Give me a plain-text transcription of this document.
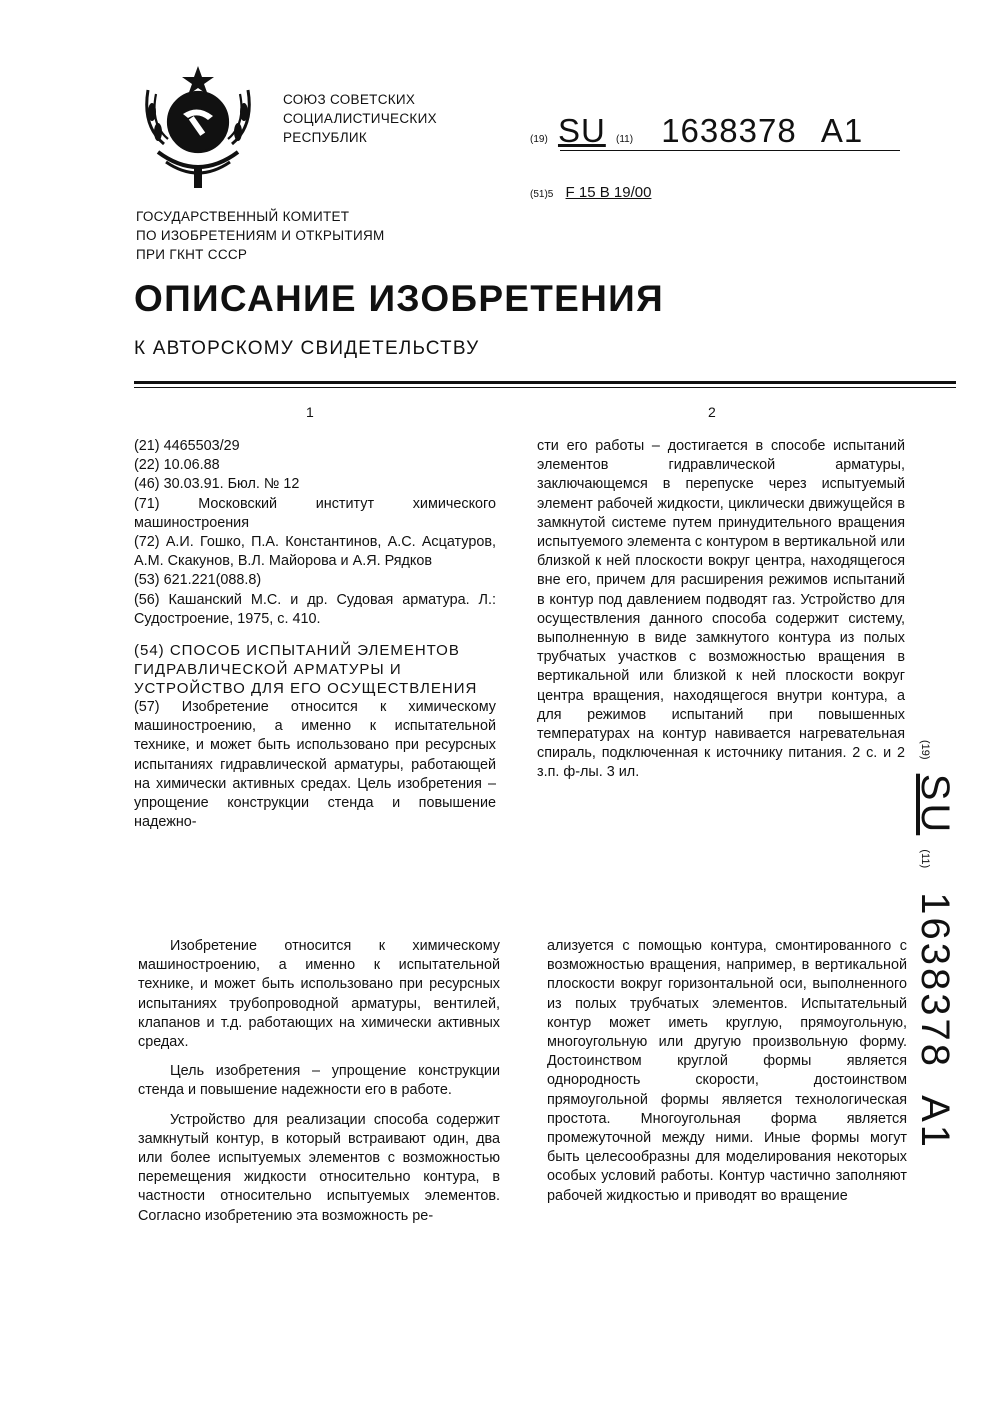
СОЮЗ СОВЕТСКИХ
СОЦИАЛИСТИЧЕСКИХ
РЕСПУБЛИК	(19) SU (11) 1638378 A1
(51)5 F 15 B 19/00
ГОСУДАРСТВЕННЫЙ КОМИТЕТ
ПО ИЗОБРЕТЕНИЯМ И ОТКРЫТИЯМ
ПРИ ГКНТ СССР
ОПИСАНИЕ ИЗОБРЕТЕНИЯ
К АВТОРСКОМУ СВИДЕТЕЛЬСТВУ
1	2
(21) 4465503/29
(22) 10.06.88
(46) 30.03.91. Бюл. № 12
(71) Московский институт химического машиностроения
(72) А.И. Гошко, П.А. Константинов, А.С. Асцатуров, А.М. Скакунов, В.Л. Майорова и А.Я. Рядков
(53) 621.221(088.8)
(56) Кашанский М.С. и др. Судовая арматура. Л.: Судостроение, 1975, с. 410.
(54) СПОСОБ ИСПЫТАНИЙ ЭЛЕМЕНТОВ ГИДРАВЛИЧЕСКОЙ АРМАТУРЫ И УСТРОЙСТВО ДЛЯ ЕГО ОСУЩЕСТВЛЕНИЯ
(57) Изобретение относится к химическому машиностроению, а именно к испытательной технике, и может быть использовано при ресурсных испытаниях гидравлической арматуры, работающей на химически активных средах. Цель изобретения – упрощение конструкции стенда и повышение надежно-
сти его работы – достигается в способе испытаний элементов гидравлической арматуры, заключающемся в перепуске через испытуемый элемент рабочей жидкости, циклически движущейся в замкнутой системе путем принудительного вращения испытуемого элемента с контуром в вертикальной или близкой к ней плоскости вокруг центра, находящегося вне его, причем для расширения режимов испытаний в контур под давлением подводят газ. Устройство для осуществления данного способа содержит систему, выполненную в виде замкнутого контура из полых трубчатых участков с возможностью вращения в вертикальной или близкой к ней плоскости вокруг центра вращения, находящегося внутри контура, а для режимов испытаний при повышенных температурах на контур навивается нагревательная спираль, подключенная к источнику питания. 2 с. и 2 з.п. ф-лы. 3 ил.

Изобретение относится к химическому машиностроению, а именно к испытательной технике, и может быть использовано при ресурсных испытаниях трубопроводной арматуры, вентилей, клапанов и т.д. работающих на химически активных средах.

Цель изобретения – упрощение конструкции стенда и повышение надежности его в работе.

Устройство для реализации способа содержит замкнутый контур, в который встраивают один, два или более испытуемых элементов с возможностью перемещения жидкости относительно контура, в частности относительно испытуемых элементов. Согласно изобретению эта возможность ре-

ализуется с помощью контура, смонтированного с возможностью вращения, например, в вертикальной плоскости вокруг горизонтальной оси, выполненного из полых трубчатых элементов. Испытательный контур может иметь круглую, прямоугольную, многоугольную или другую произвольную форму. Достоинством круглой формы является однородность скорости, достоинством прямоугольной формы является технологическая простота. Многоугольная форма является промежуточной между ними. Иные формы могут быть целесообразны для моделирования некоторых особых условий работы. Контур частично заполняют рабочей жидкостью и приводят во вращение
(19) SU (11) 1638378 A1
